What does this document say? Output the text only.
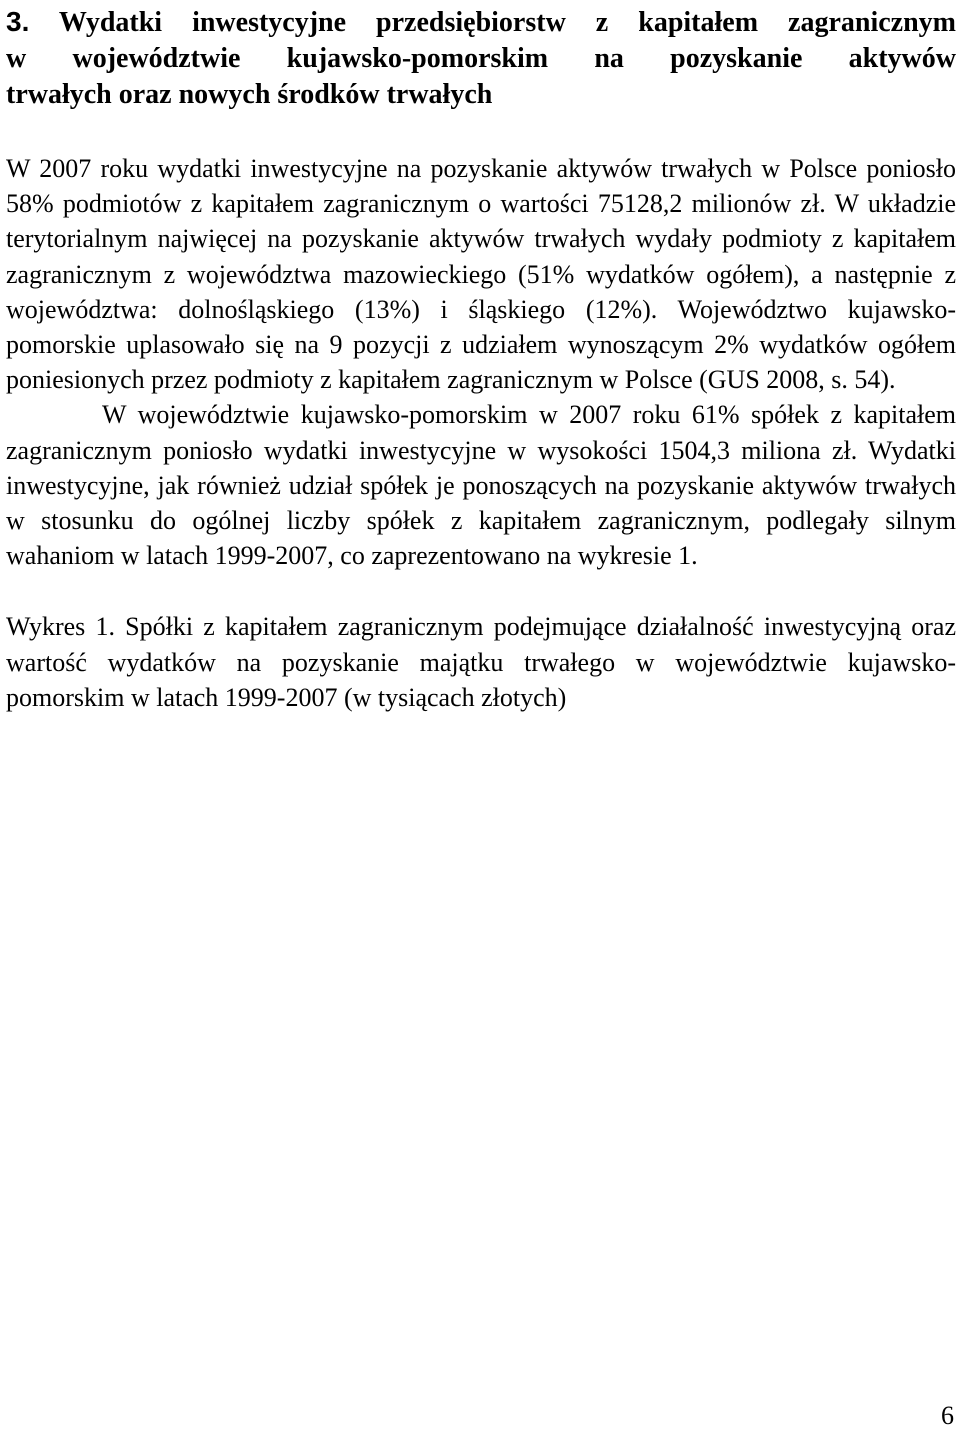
3. Wydatki inwestycyjne przedsiębiorstw z kapitałem zagranicznym
w województwie kujawsko-pomorskim na pozyskanie aktywów
trwałych oraz nowych środków trwałych

W 2007 roku wydatki inwestycyjne na pozyskanie aktywów trwałych w Polsce poniosło 58% podmiotów z kapitałem zagranicznym o wartości 75128,2 milionów zł. W układzie terytorialnym najwięcej na pozyskanie aktywów trwałych wydały podmioty z kapitałem zagranicznym z województwa mazowieckiego (51% wydatków ogółem), a następnie z województwa: dolnośląskiego (13%) i śląskiego (12%). Województwo kujawsko-pomorskie uplasowało się na 9 pozycji z udziałem wynoszącym 2% wydatków ogółem poniesionych przez podmioty z kapitałem zagranicznym w Polsce (GUS 2008, s. 54).

W województwie kujawsko-pomorskim w 2007 roku 61% spółek z kapitałem zagranicznym poniosło wydatki inwestycyjne w wysokości 1504,3 miliona zł. Wydatki inwestycyjne, jak również udział spółek je ponoszących na pozyskanie aktywów trwałych w stosunku do ogólnej liczby spółek z kapitałem zagranicznym, podlegały silnym wahaniom w latach 1999-2007, co zaprezentowano na wykresie 1.

Wykres 1. Spółki z kapitałem zagranicznym podejmujące działalność inwestycyjną oraz wartość wydatków na pozyskanie majątku trwałego w województwie kujawsko-pomorskim w latach 1999-2007 (w tysiącach złotych)

6
